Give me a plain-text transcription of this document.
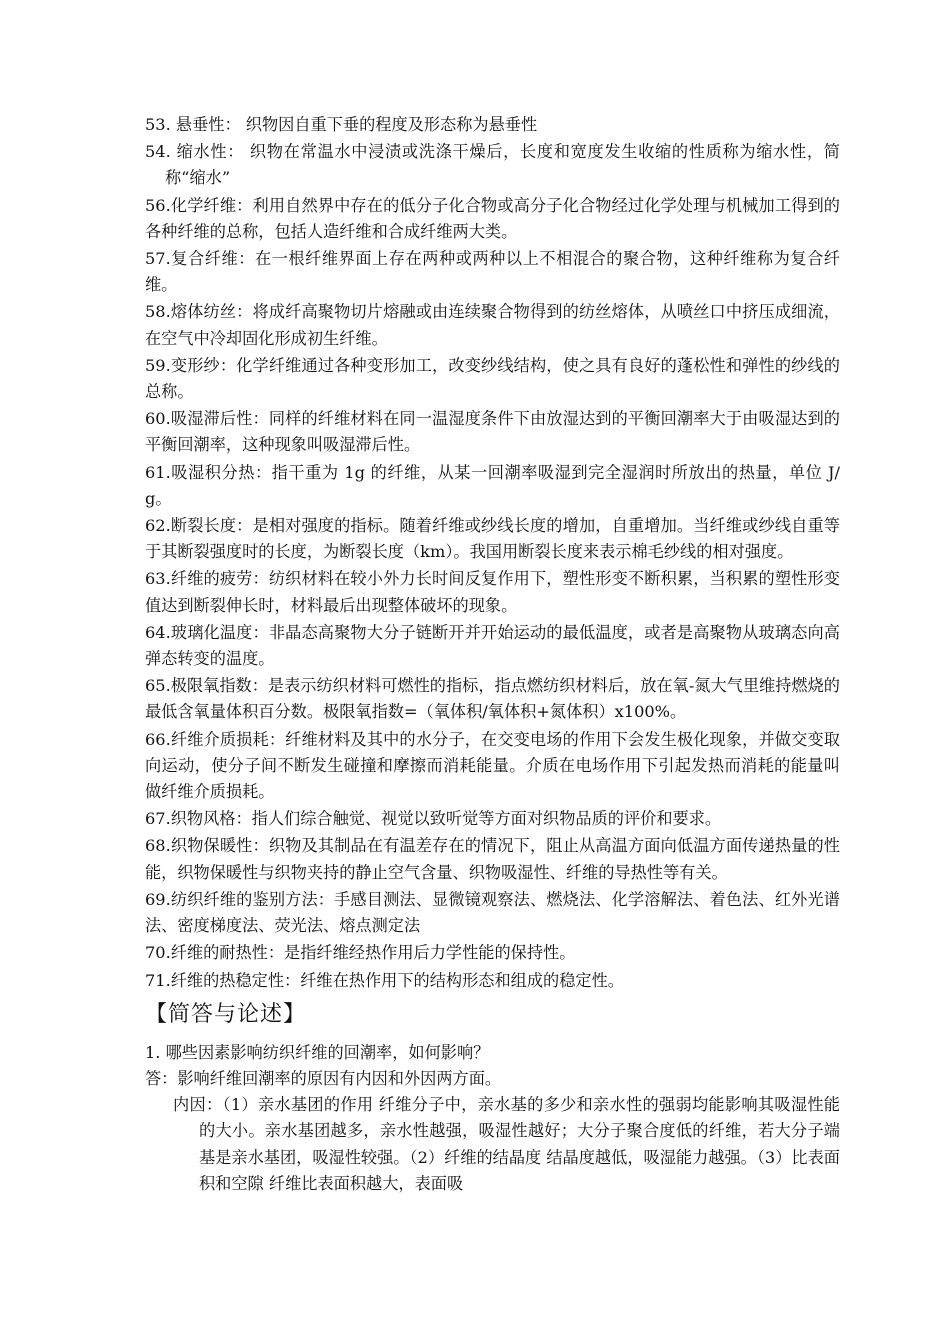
53. 悬垂性： 织物因自重下垂的程度及形态称为悬垂性

54. 缩水性： 织物在常温水中浸渍或洗涤干燥后，长度和宽度发生收缩的性质称为缩水性，简称“缩水”

56.化学纤维：利用自然界中存在的低分子化合物或高分子化合物经过化学处理与机械加工得到的各种纤维的总称，包括人造纤维和合成纤维两大类。

57.复合纤维：在一根纤维界面上存在两种或两种以上不相混合的聚合物，这种纤维称为复合纤维。

58.熔体纺丝：将成纤高聚物切片熔融或由连续聚合物得到的纺丝熔体，从喷丝口中挤压成细流，在空气中冷却固化形成初生纤维。

59.变形纱：化学纤维通过各种变形加工，改变纱线结构，使之具有良好的蓬松性和弹性的纱线的总称。

60.吸湿滞后性：同样的纤维材料在同一温湿度条件下由放湿达到的平衡回潮率大于由吸湿达到的平衡回潮率，这种现象叫吸湿滞后性。

61.吸湿积分热：指干重为 1g 的纤维，从某一回潮率吸湿到完全湿润时所放出的热量，单位 J/g。

62.断裂长度：是相对强度的指标。随着纤维或纱线长度的增加，自重增加。当纤维或纱线自重等于其断裂强度时的长度，为断裂长度（km）。我国用断裂长度来表示棉毛纱线的相对强度。

63.纤维的疲劳：纺织材料在较小外力长时间反复作用下，塑性形变不断积累，当积累的塑性形变值达到断裂伸长时，材料最后出现整体破坏的现象。

64.玻璃化温度：非晶态高聚物大分子链断开并开始运动的最低温度，或者是高聚物从玻璃态向高弹态转变的温度。

65.极限氧指数：是表示纺织材料可燃性的指标，指点燃纺织材料后，放在氧-氮大气里维持燃烧的最低含氧量体积百分数。极限氧指数=（氧体积/氧体积+氮体积）x100%。

66.纤维介质损耗：纤维材料及其中的水分子，在交变电场的作用下会发生极化现象，并做交变取向运动，使分子间不断发生碰撞和摩擦而消耗能量。介质在电场作用下引起发热而消耗的能量叫做纤维介质损耗。

67.织物风格：指人们综合触觉、视觉以致听觉等方面对织物品质的评价和要求。

68.织物保暖性：织物及其制品在有温差存在的情况下，阻止从高温方面向低温方面传递热量的性能，织物保暖性与织物夹持的静止空气含量、织物吸湿性、纤维的导热性等有关。

69.纺织纤维的鉴别方法：手感目测法、显微镜观察法、燃烧法、化学溶解法、着色法、红外光谱法、密度梯度法、荧光法、熔点测定法

70.纤维的耐热性：是指纤维经热作用后力学性能的保持性。

71.纤维的热稳定性：纤维在热作用下的结构形态和组成的稳定性。

【简答与论述】

1. 哪些因素影响纺织纤维的回潮率，如何影响？

答：影响纤维回潮率的原因有内因和外因两方面。

内因：（1）亲水基团的作用 纤维分子中，亲水基的多少和亲水性的强弱均能影响其吸湿性能的大小。亲水基团越多，亲水性越强，吸湿性越好；大分子聚合度低的纤维，若大分子端基是亲水基团，吸湿性较强。（2）纤维的结晶度 结晶度越低，吸湿能力越强。（3）比表面积和空隙 纤维比表面积越大，表面吸
